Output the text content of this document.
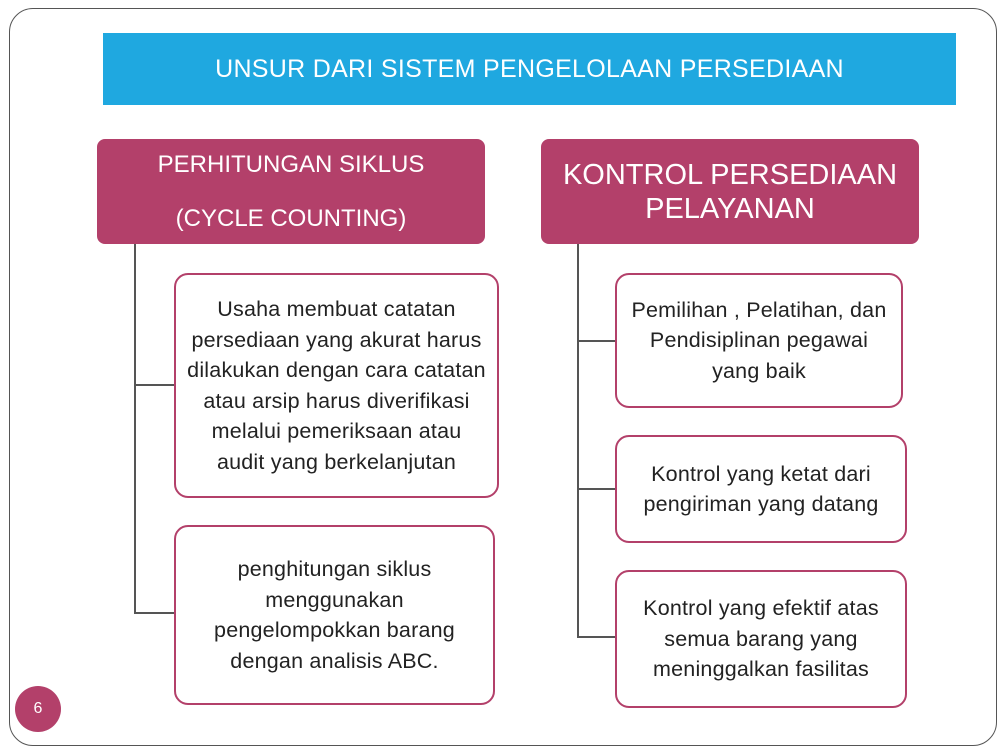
UNSUR DARI SISTEM PENGELOLAAN PERSEDIAAN
PERHITUNGAN SIKLUS
(CYCLE COUNTING)
Usaha membuat catatan persediaan yang akurat harus dilakukan dengan cara catatan atau arsip harus diverifikasi melalui pemeriksaan atau audit yang berkelanjutan
penghitungan siklus menggunakan pengelompokkan barang dengan analisis ABC.
KONTROL PERSEDIAAN PELAYANAN
Pemilihan , Pelatihan, dan Pendisiplinan pegawai yang baik
Kontrol yang ketat dari pengiriman yang datang
Kontrol yang efektif atas semua barang yang meninggalkan fasilitas
6
